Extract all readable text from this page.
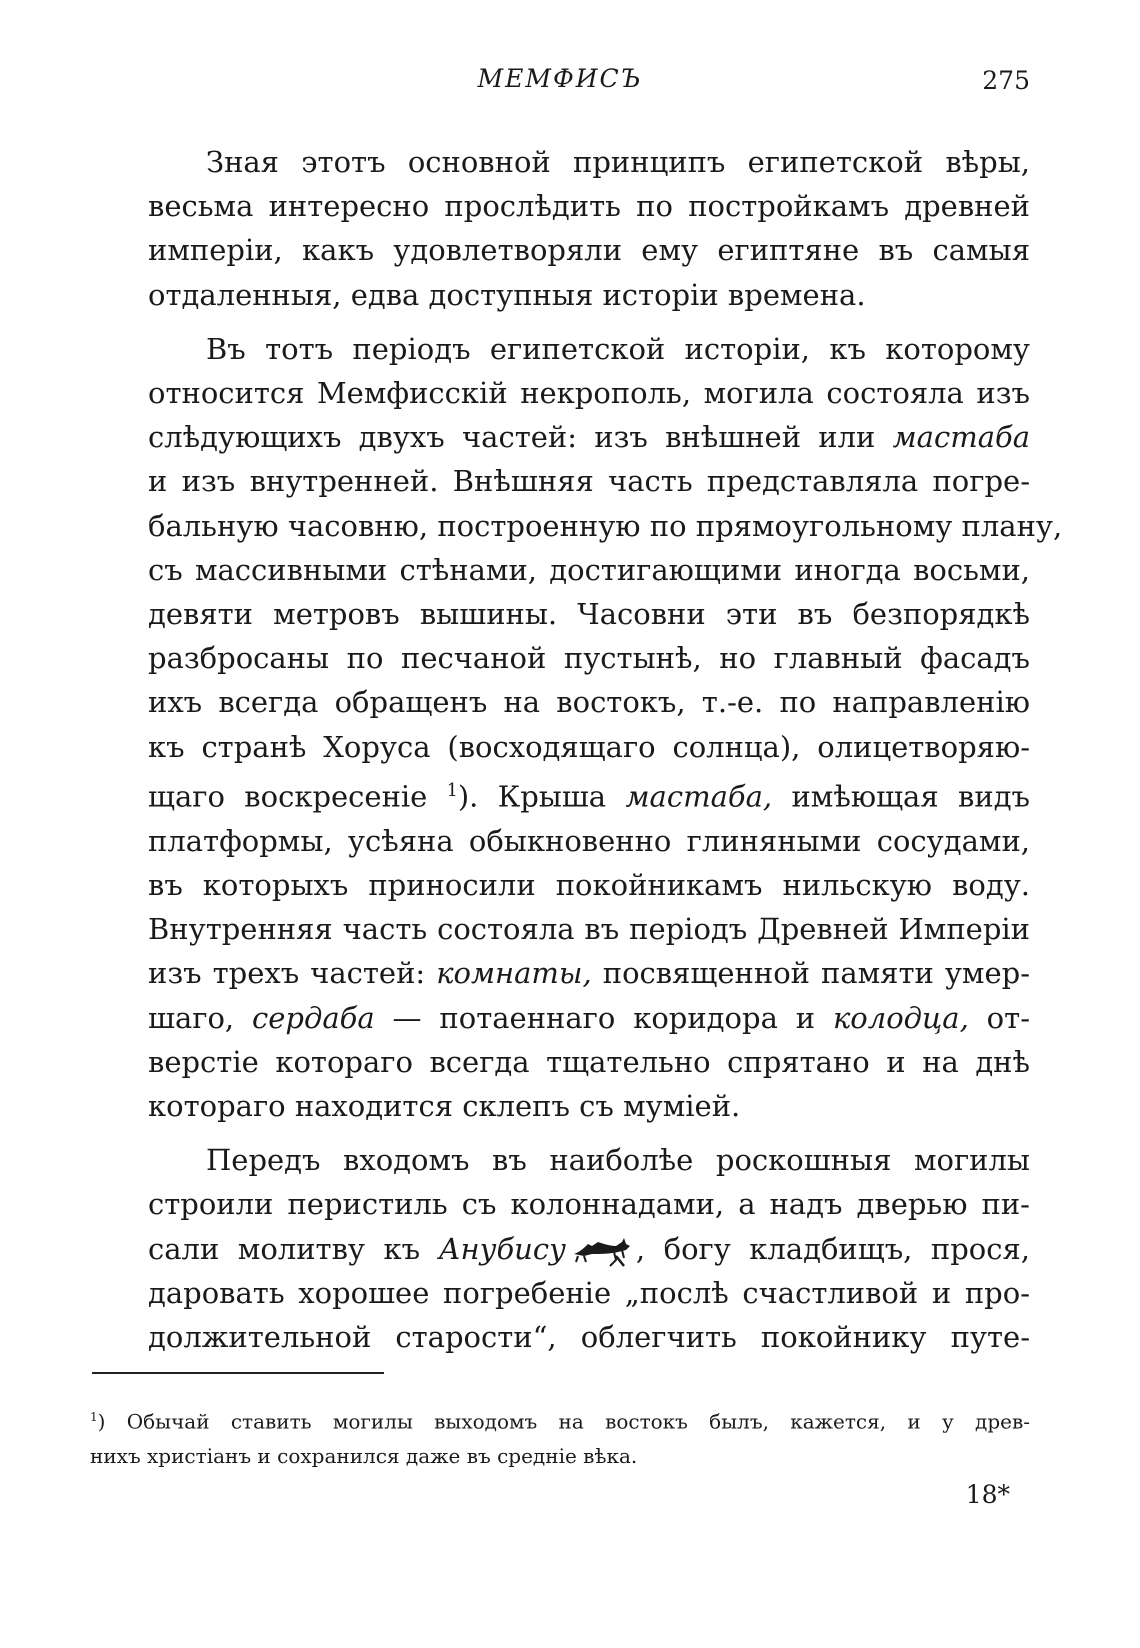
МЕМФИСЪ	275
Зная этотъ основной принципъ египетской вѣры,
весьма интересно прослѣдить по постройкамъ древней
имперіи, какъ удовлетворяли ему египтяне въ самыя
отдаленныя, едва доступныя исторіи времена.
Въ тотъ періодъ египетской исторіи, къ которому
относится Мемфисскій некрополь, могила состояла изъ
слѣдующихъ двухъ частей: изъ внѣшней или мастаба
и изъ внутренней. Внѣшняя часть представляла погре-
бальную часовню, построенную по прямоугольному плану,
съ массивными стѣнами, достигающими иногда восьми,
девяти метровъ вышины. Часовни эти въ безпорядкѣ
разбросаны по песчаной пустынѣ, но главный фасадъ
ихъ всегда обращенъ на востокъ, т.-е. по направленію
къ странѣ Хоруса (восходящаго солнца), олицетворяю-
щаго воскресеніе $^1$). Крыша мастаба, имѣющая видъ
платформы, усѣяна обыкновенно глиняными сосудами,
въ которыхъ приносили покойникамъ нильскую воду.
Внутренняя часть состояла въ періодъ Древней Имперіи
изъ трехъ частей: комнаты, посвященной памяти умер-
шаго, сердаба — потаеннаго коридора и колодца, от-
верстіе котораго всегда тщательно спрятано и на днѣ
котораго находится склепъ съ муміей.
Передъ входомъ въ наиболѣе роскошныя могилы
строили перистиль съ колоннадами, а надъ дверью пи-
сали молитву къ Анубису , богу кладбищъ, прося,
даровать хорошее погребеніе „послѣ счастливой и про-
должительной старости“, облегчить покойнику путе-
$^1$) Обычай ставить могилы выходомъ на востокъ былъ, кажется, и у древ-
нихъ христіанъ и сохранился даже въ средніе вѣка.
18*
